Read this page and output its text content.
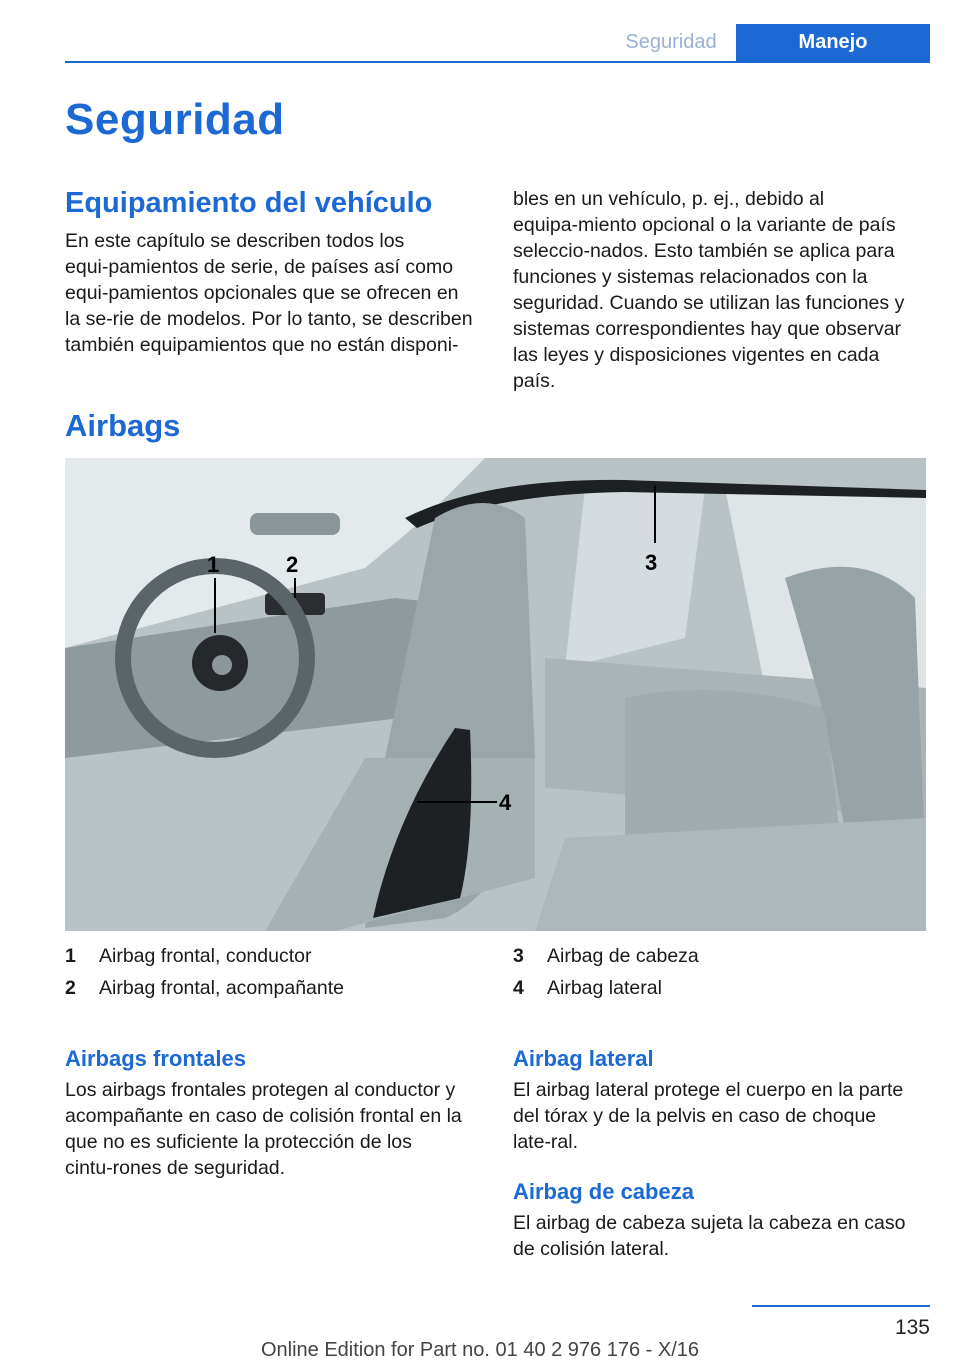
Seguridad	Manejo
Seguridad
Equipamiento del vehículo

En este capítulo se describen todos los equi‑pamientos de serie, de países así como equi‑pamientos opcionales que se ofrecen en la se‑rie de modelos. Por lo tanto, se describen también equipamientos que no están disponi‑

bles en un vehículo, p. ej., debido al equipa‑miento opcional o la variante de país seleccio‑nados. Esto también se aplica para funciones y sistemas relacionados con la seguridad. Cuando se utilizan las funciones y sistemas correspondientes hay que observar las leyes y disposiciones vigentes en cada país.

Airbags
1	2	3
4
1	Airbag frontal, conductor
2	Airbag frontal, acompañante
3	Airbag de cabeza
4	Airbag lateral
Airbags frontales

Los airbags frontales protegen al conductor y acompañante en caso de colisión frontal en la que no es suficiente la protección de los cintu‑rones de seguridad.

Airbag lateral

El airbag lateral protege el cuerpo en la parte del tórax y de la pelvis en caso de choque late‑ral.

Airbag de cabeza

El airbag de cabeza sujeta la cabeza en caso de colisión lateral.

135
Online Edition for Part no. 01 40 2 976 176 - X/16
